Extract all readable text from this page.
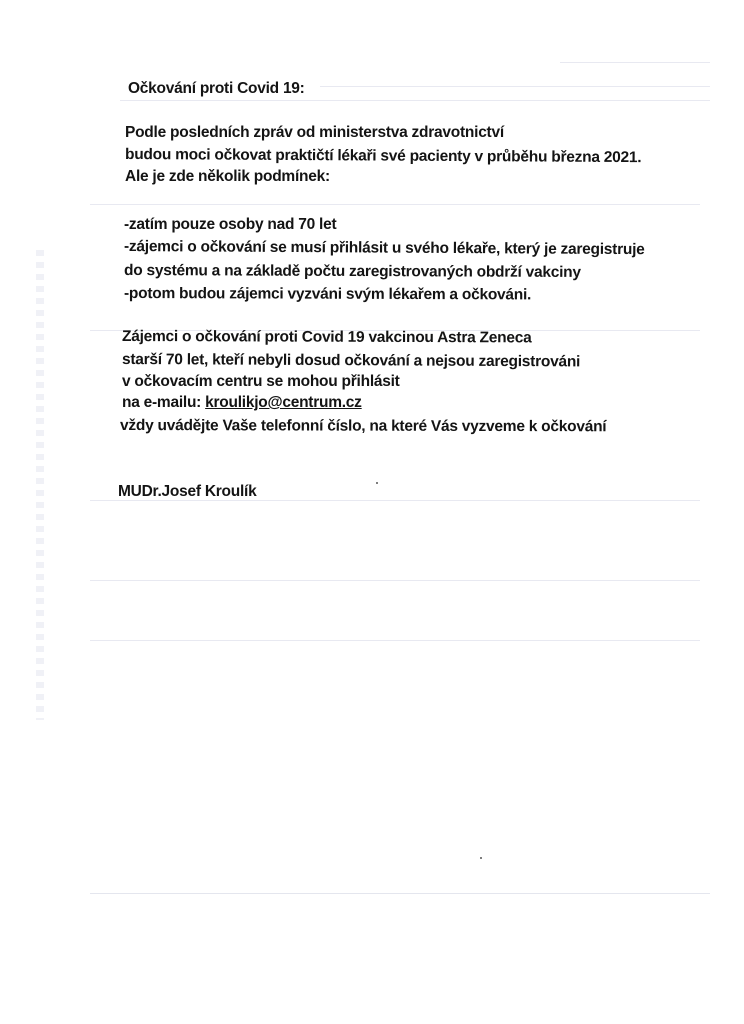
Očkování proti Covid 19:
Podle posledních zpráv od ministerstva zdravotnictví
budou moci očkovat praktičtí lékaři své pacienty v průběhu března 2021.
Ale je zde několik podmínek:
-zatím pouze osoby nad 70 let
-zájemci o očkování se musí přihlásit u svého lékaře, který je zaregistruje
do systému a na základě počtu zaregistrovaných obdrží vakciny
-potom budou zájemci vyzváni svým lékařem a očkováni.
Zájemci o očkování proti Covid 19 vakcinou Astra Zeneca
starší 70 let, kteří nebyli dosud očkování a nejsou zaregistrováni
v očkovacím centru se mohou přihlásit
na e-mailu: kroulikjo@centrum.cz
vždy uvádějte Vaše telefonní číslo, na které Vás vyzveme k očkování
MUDr.Josef Kroulík
